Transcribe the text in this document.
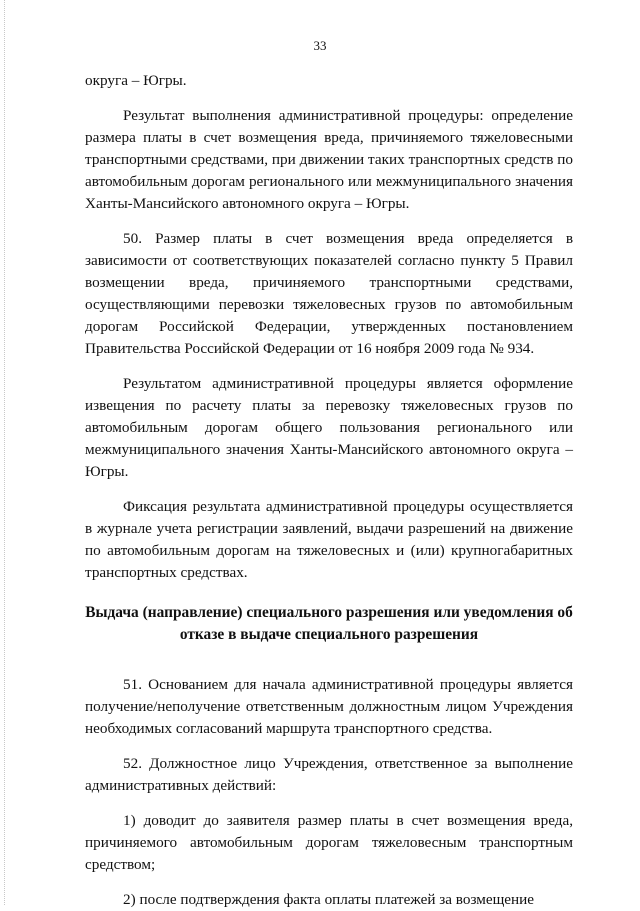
33

округа – Югры.

Результат выполнения административной процедуры: определение размера платы в счет возмещения вреда, причиняемого тяжеловесными транспортными средствами, при движении таких транспортных средств по автомобильным дорогам регионального или межмуниципального значения Ханты-Мансийского автономного округа – Югры.

50. Размер платы в счет возмещения вреда определяется в зависимости от соответствующих показателей согласно пункту 5 Правил возмещении вреда, причиняемого транспортными средствами, осуществляющими перевозки тяжеловесных грузов по автомобильным дорогам Российской Федерации, утвержденных постановлением Правительства Российской Федерации от 16 ноября 2009 года № 934.

Результатом административной процедуры является оформление извещения по расчету платы за перевозку тяжеловесных грузов по автомобильным дорогам общего пользования регионального или межмуниципального значения Ханты-Мансийского автономного округа – Югры.

Фиксация результата административной процедуры осуществляется в журнале учета регистрации заявлений, выдачи разрешений на движение по автомобильным дорогам на тяжеловесных и (или) крупногабаритных транспортных средствах.

Выдача (направление) специального разрешения или уведомления об отказе в выдаче специального разрешения

51. Основанием для начала административной процедуры является получение/неполучение ответственным должностным лицом Учреждения необходимых согласований маршрута транспортного средства.

52. Должностное лицо Учреждения, ответственное за выполнение административных действий:

1) доводит до заявителя размер платы в счет возмещения вреда, причиняемого автомобильным дорогам тяжеловесным транспортным средством;

2) после подтверждения факта оплаты платежей за возмещение
